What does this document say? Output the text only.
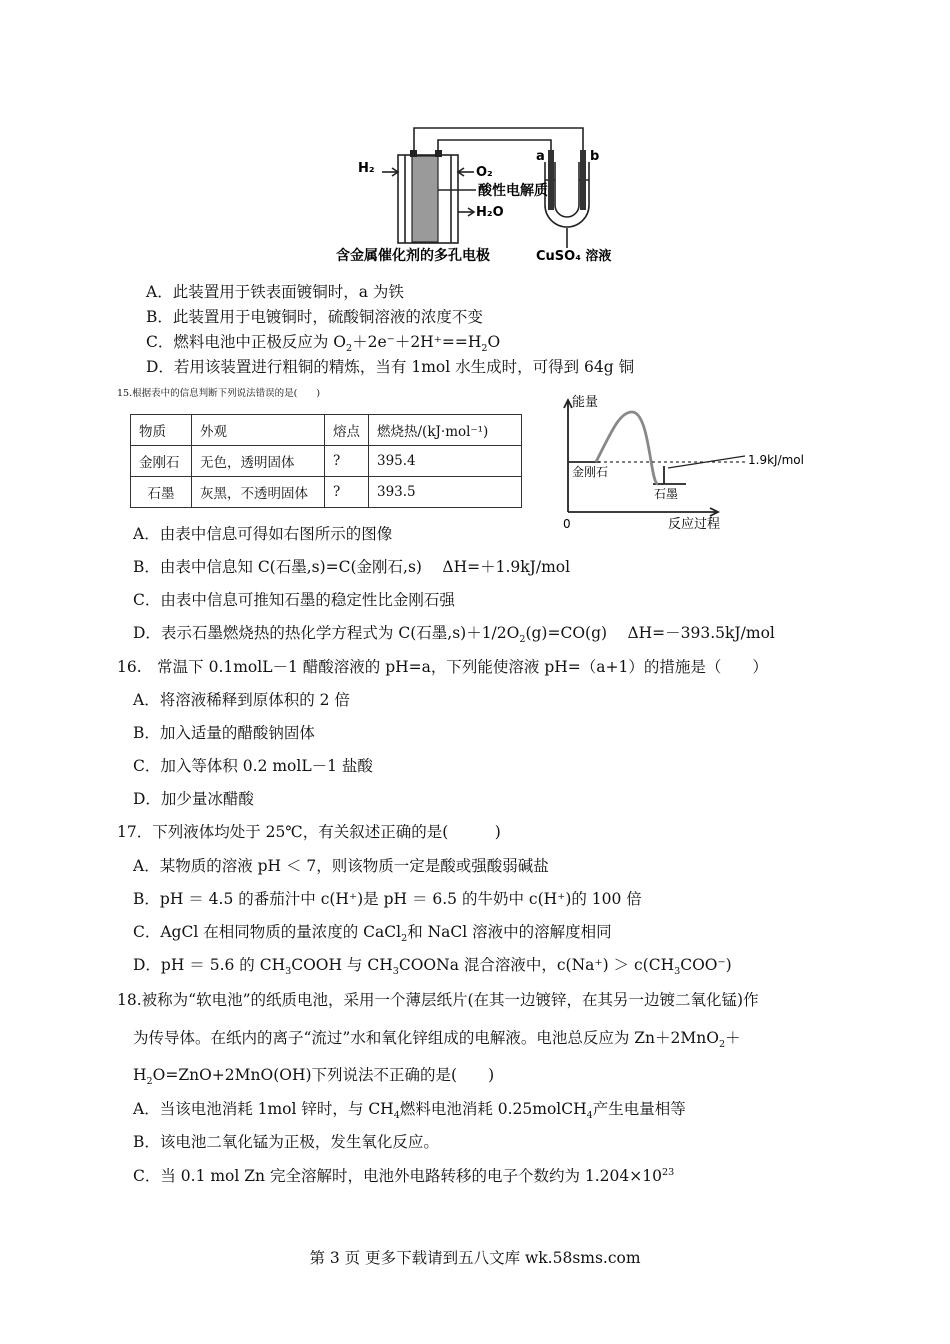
H₂	O₂
酸性电解质
H₂O
含金属催化剂的多孔电极
a	b
CuSO₄ 溶液
A．此装置用于铁表面镀铜时，a 为铁
B．此装置用于电镀铜时，硫酸铜溶液的浓度不变
C．燃料电池中正极反应为 $O_2+2e^-+2H^+==H_2O$
D．若用该装置进行粗铜的精炼，当有 1mol 水生成时，可得到 64g 铜
15.根据表中的信息判断下列说法错误的是(　　)
物质	外观	熔点	燃烧热/(kJ·mol⁻¹)
金刚石	无色，透明固体	?	395.4
石墨	灰黑，不透明固体	?	393.5
能量
金刚石
石墨
1.9kJ/mol
0	反应过程
A．由表中信息可得如右图所示的图像
B．由表中信息知 C(石墨,s)=C(金刚石,s)　 ΔH=＋1.9kJ/mol
C．由表中信息可推知石墨的稳定性比金刚石强
D．表示石墨燃烧热的热化学方程式为 C(石墨$,s)+1/2O_2(g)=CO(g)$　 ΔH=－393.5kJ/mol
16.　常温下 0.1molL－1 醋酸溶液的 pH=a，下列能使溶液 pH=（a+1）的措施是（　　）
A．将溶液稀释到原体积的 2 倍
B．加入适量的醋酸钠固体
C．加入等体积 0.2 molL－1 盐酸
D．加少量冰醋酸
17．下列液体均处于 25℃，有关叙述正确的是(　　　)
A．某物质的溶液 pH ＜ 7，则该物质一定是酸或强酸弱碱盐
B．pH ＝ 4.5 的番茄汁中 c(H⁺)是 pH ＝ 6.5 的牛奶中 c(H⁺)的 100 倍
C．AgCl 在相同物质的量浓度的 CaCl$_2$和 NaCl 溶液中的溶解度相同
D．pH ＝ 5.6 的 $CH_3COOH$ 与 $CH_3COONa$ 混合溶液中，$c(Na^+) > c(CH_3COO^-)$
18.被称为“软电池”的纸质电池，采用一个薄层纸片(在其一边镀锌，在其另一边镀二氧化锰)作
为传导体。在纸内的离子“流过”水和氧化锌组成的电解液。电池总反应为 Zn＋2MnO$_2$＋
$H_2O=ZnO+2MnO(OH)$下列说法不正确的是(　　)
A．当该电池消耗 1mol 锌时，与 $CH_4$燃料电池消耗 0.25molCH$_4$产生电量相等
B．该电池二氧化锰为正极，发生氧化反应。
C．当 0.1 mol Zn 完全溶解时，电池外电路转移的电子个数约为 $1.204\times 10^{23}$
第 3 页 更多下载请到五八文库 wk.58sms.com
